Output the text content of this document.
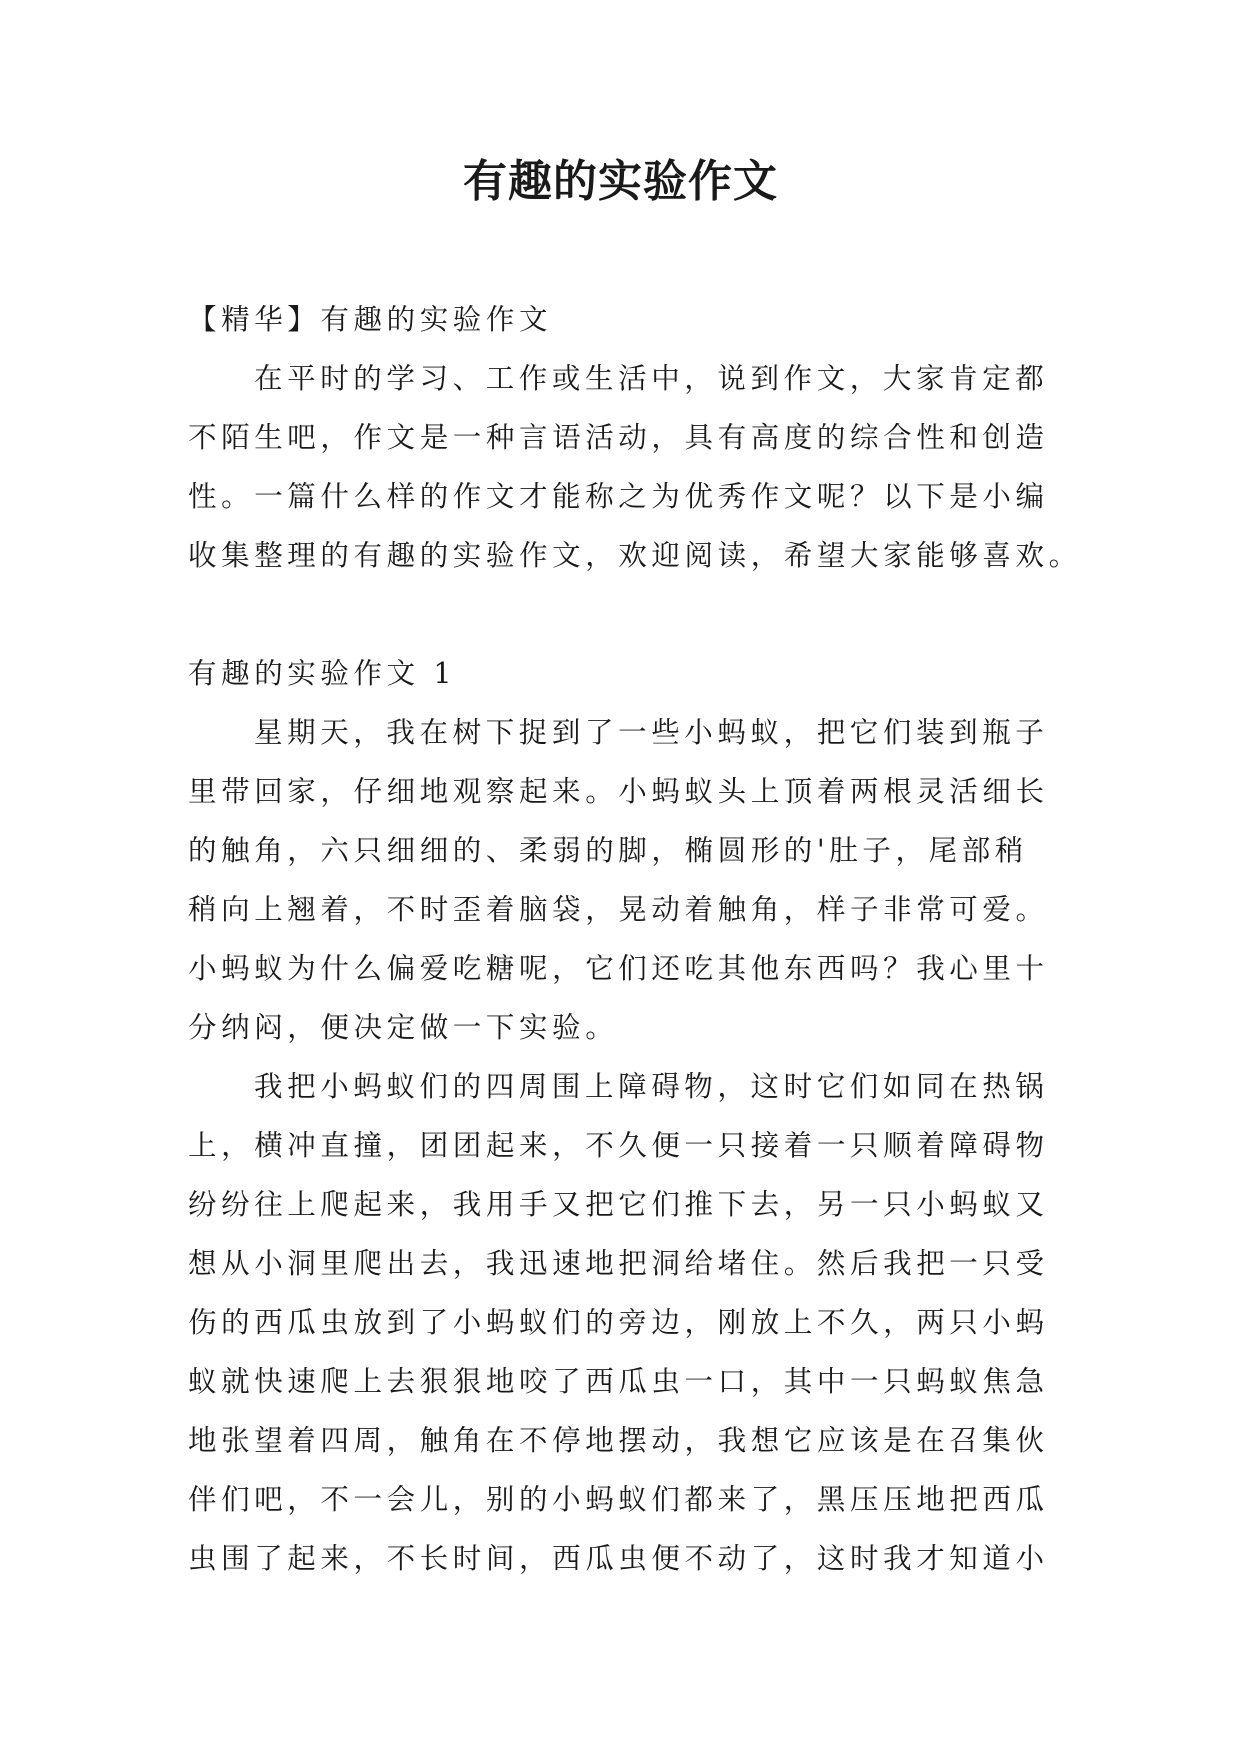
有趣的实验作文
【精华】有趣的实验作文
在平时的学习、工作或生活中，说到作文，大家肯定都
不陌生吧，作文是一种言语活动，具有高度的综合性和创造
性。一篇什么样的作文才能称之为优秀作文呢？以下是小编
收集整理的有趣的实验作文，欢迎阅读，希望大家能够喜欢。
有趣的实验作文 1
星期天，我在树下捉到了一些小蚂蚁，把它们装到瓶子
里带回家，仔细地观察起来。小蚂蚁头上顶着两根灵活细长
的触角，六只细细的、柔弱的脚，椭圆形的'肚子，尾部稍
稍向上翘着，不时歪着脑袋，晃动着触角，样子非常可爱。
小蚂蚁为什么偏爱吃糖呢，它们还吃其他东西吗？我心里十
分纳闷，便决定做一下实验。
我把小蚂蚁们的四周围上障碍物，这时它们如同在热锅
上，横冲直撞，团团起来，不久便一只接着一只顺着障碍物
纷纷往上爬起来，我用手又把它们推下去，另一只小蚂蚁又
想从小洞里爬出去，我迅速地把洞给堵住。然后我把一只受
伤的西瓜虫放到了小蚂蚁们的旁边，刚放上不久，两只小蚂
蚁就快速爬上去狠狠地咬了西瓜虫一口，其中一只蚂蚁焦急
地张望着四周，触角在不停地摆动，我想它应该是在召集伙
伴们吧，不一会儿，别的小蚂蚁们都来了，黑压压地把西瓜
虫围了起来，不长时间，西瓜虫便不动了，这时我才知道小
